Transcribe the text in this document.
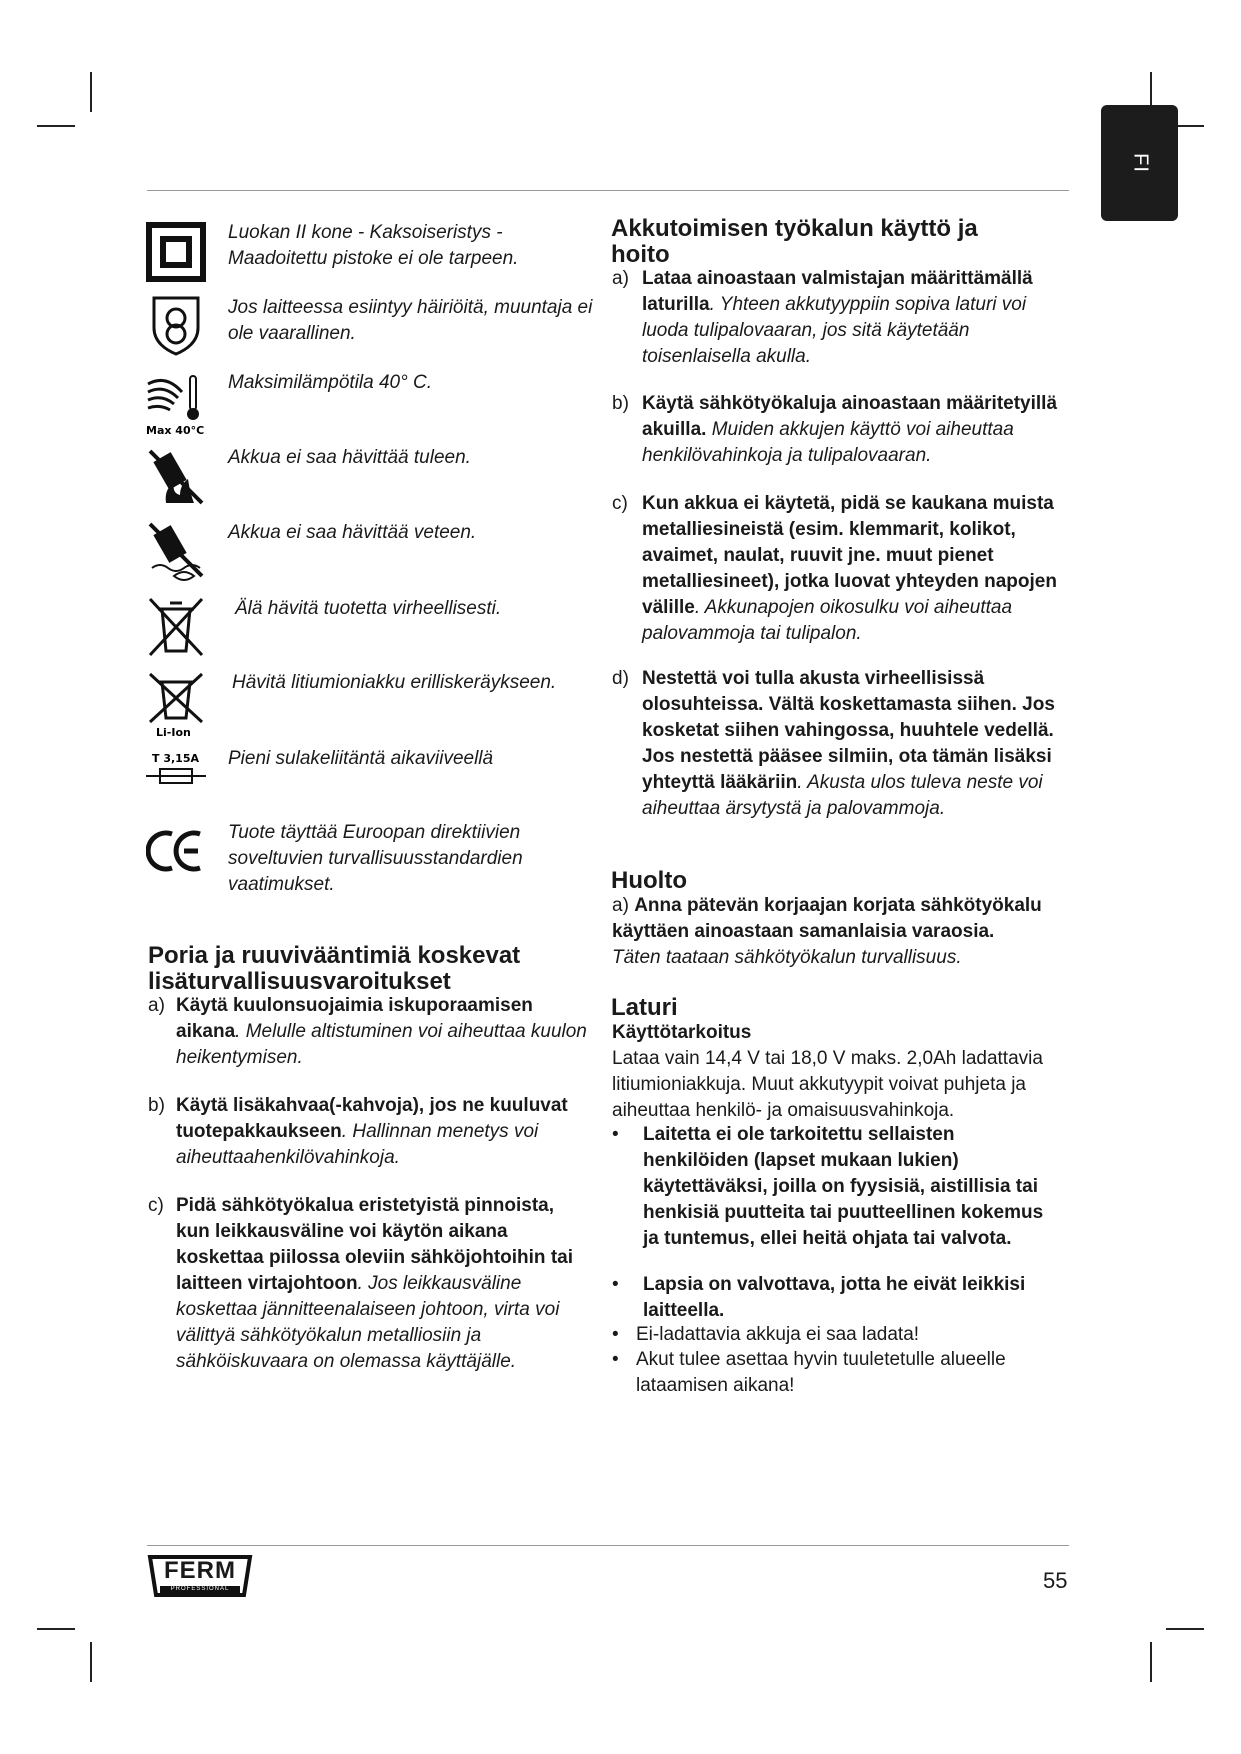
FI
Luokan II kone - Kaksoiseristys - Maadoitettu pistoke ei ole tarpeen.
Jos laitteessa esiintyy häiriöitä, muuntaja ei ole vaarallinen.
Max 40°C
Maksimilämpötila 40° C.
Akkua ei saa hävittää tuleen.
Akkua ei saa hävittää veteen.
Älä hävitä tuotetta virheellisesti.
Li-Ion
Hävitä litiumioniakku erilliskeräykseen.
T 3,15A Pieni sulakeliitäntä aikaviiveellä
Tuote täyttää Euroopan direktiivien soveltuvien turvallisuusstandardien vaatimukset.
Poria ja ruuvivääntimiä koskevat lisäturvallisuusvaroitukset
a) Käytä kuulonsuojaimia iskuporaamisen aikana. Melulle altistuminen voi aiheuttaa kuulon heikentymisen.
b) Käytä lisäkahvaa(-kahvoja), jos ne kuuluvat tuotepakkaukseen. Hallinnan menetys voi aiheuttaahenkilövahinkoja.
c) Pidä sähkötyökalua eristetyistä pinnoista, kun leikkausväline voi käytön aikana koskettaa piilossa oleviin sähköjohtoihin tai laitteen virtajohtoon. Jos leikkausväline koskettaa jännitteenalaiseen johtoon, virta voi välittyä sähkötyökalun metalliosiin ja sähköiskuvaara on olemassa käyttäjälle.
Akkutoimisen työkalun käyttö ja hoito
a) Lataa ainoastaan valmistajan määrittämällä laturilla. Yhteen akkutyyppiin sopiva laturi voi luoda tulipalovaaran, jos sitä käytetään toisenlaisella akulla.
b) Käytä sähkötyökaluja ainoastaan määritetyillä akuilla. Muiden akkujen käyttö voi aiheuttaa henkilövahinkoja ja tulipalovaaran.
c) Kun akkua ei käytetä, pidä se kaukana muista metalliesineistä (esim. klemmarit, kolikot, avaimet, naulat, ruuvit jne. muut pienet metalliesineet), jotka luovat yhteyden napojen välille. Akkunapojen oikosulku voi aiheuttaa palovammoja tai tulipalon.
d) Nestettä voi tulla akusta virheellisissä olosuhteissa. Vältä koskettamasta siihen. Jos kosketat siihen vahingossa, huuhtele vedellä. Jos nestettä pääsee silmiin, ota tämän lisäksi yhteyttä lääkäriin. Akusta ulos tuleva neste voi aiheuttaa ärsytystä ja palovammoja.
Huolto
a) Anna pätevän korjaajan korjata sähkötyökalu käyttäen ainoastaan samanlaisia varaosia.
Täten taataan sähkötyökalun turvallisuus.
Laturi
Käyttötarkoitus
Lataa vain 14,4 V tai 18,0 V maks. 2,0Ah ladattavia litiumioniakkuja. Muut akkutyypit voivat puhjeta ja aiheuttaa henkilö- ja omaisuusvahinkoja.
• Laitetta ei ole tarkoitettu sellaisten henkilöiden (lapset mukaan lukien) käytettäväksi, joilla on fyysisiä, aistillisia tai henkisiä puutteita tai puutteellinen kokemus ja tuntemus, ellei heitä ohjata tai valvota.
• Lapsia on valvottava, jotta he eivät leikkisi laitteella.
• Ei-ladattavia akkuja ei saa ladata!
• Akut tulee asettaa hyvin tuuletetulle alueelle lataamisen aikana!
FERM
PROFESSIONAL	55
